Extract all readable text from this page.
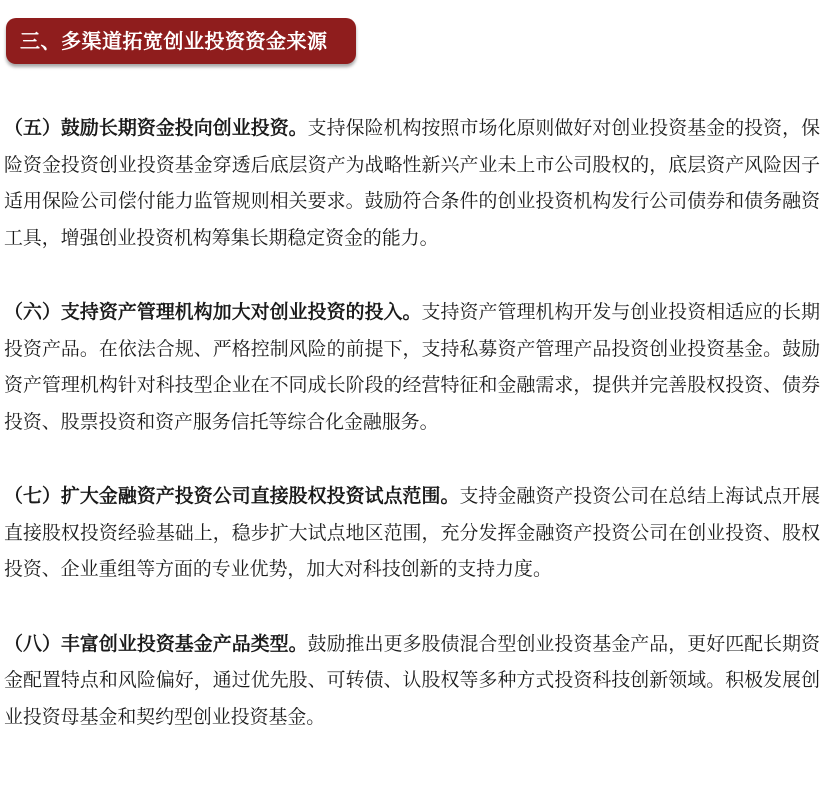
三、多渠道拓宽创业投资资金来源

（五）鼓励长期资金投向创业投资。支持保险机构按照市场化原则做好对创业投资基金的投资，保险资金投资创业投资基金穿透后底层资产为战略性新兴产业未上市公司股权的，底层资产风险因子适用保险公司偿付能力监管规则相关要求。鼓励符合条件的创业投资机构发行公司债券和债务融资工具，增强创业投资机构筹集长期稳定资金的能力。

（六）支持资产管理机构加大对创业投资的投入。支持资产管理机构开发与创业投资相适应的长期投资产品。在依法合规、严格控制风险的前提下，支持私募资产管理产品投资创业投资基金。鼓励资产管理机构针对科技型企业在不同成长阶段的经营特征和金融需求，提供并完善股权投资、债券投资、股票投资和资产服务信托等综合化金融服务。

（七）扩大金融资产投资公司直接股权投资试点范围。支持金融资产投资公司在总结上海试点开展直接股权投资经验基础上，稳步扩大试点地区范围，充分发挥金融资产投资公司在创业投资、股权投资、企业重组等方面的专业优势，加大对科技创新的支持力度。

（八）丰富创业投资基金产品类型。鼓励推出更多股债混合型创业投资基金产品，更好匹配长期资金配置特点和风险偏好，通过优先股、可转债、认股权等多种方式投资科技创新领域。积极发展创业投资母基金和契约型创业投资基金。
